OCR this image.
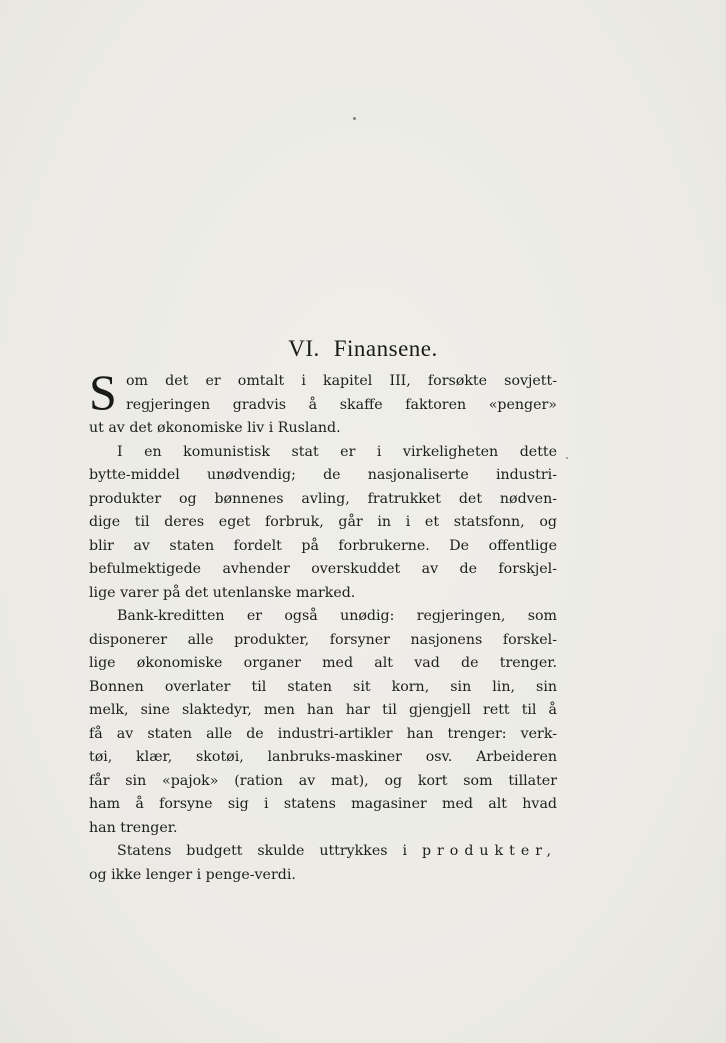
VI. Finansene.
S om det er omtalt i kapitel III, forsøkte sovjett-
regjeringen gradvis å skaffe faktoren «penger»
ut av det økonomiske liv i Rusland.
I en komunistisk stat er i virkeligheten dette
bytte-middel unødvendig; de nasjonaliserte industri-
produkter og bønnenes avling, fratrukket det nødven-
dige til deres eget forbruk, går in i et statsfonn, og
blir av staten fordelt på forbrukerne. De offentlige
befulmektigede avhender overskuddet av de forskjel-
lige varer på det utenlanske marked.
Bank-kreditten er også unødig: regjeringen, som
disponerer alle produkter, forsyner nasjonens forskel-
lige økonomiske organer med alt vad de trenger.
Bonnen overlater til staten sit korn, sin lin, sin
melk, sine slaktedyr, men han har til gjengjell rett til å
få av staten alle de industri-artikler han trenger: verk-
tøi, klær, skotøi, lanbruks-maskiner osv. Arbeideren
får sin «pajok» (ration av mat), og kort som tillater
ham å forsyne sig i statens magasiner med alt hvad
han trenger.
Statens budgett skulde uttrykkes i produkter,
og ikke lenger i penge-verdi.
